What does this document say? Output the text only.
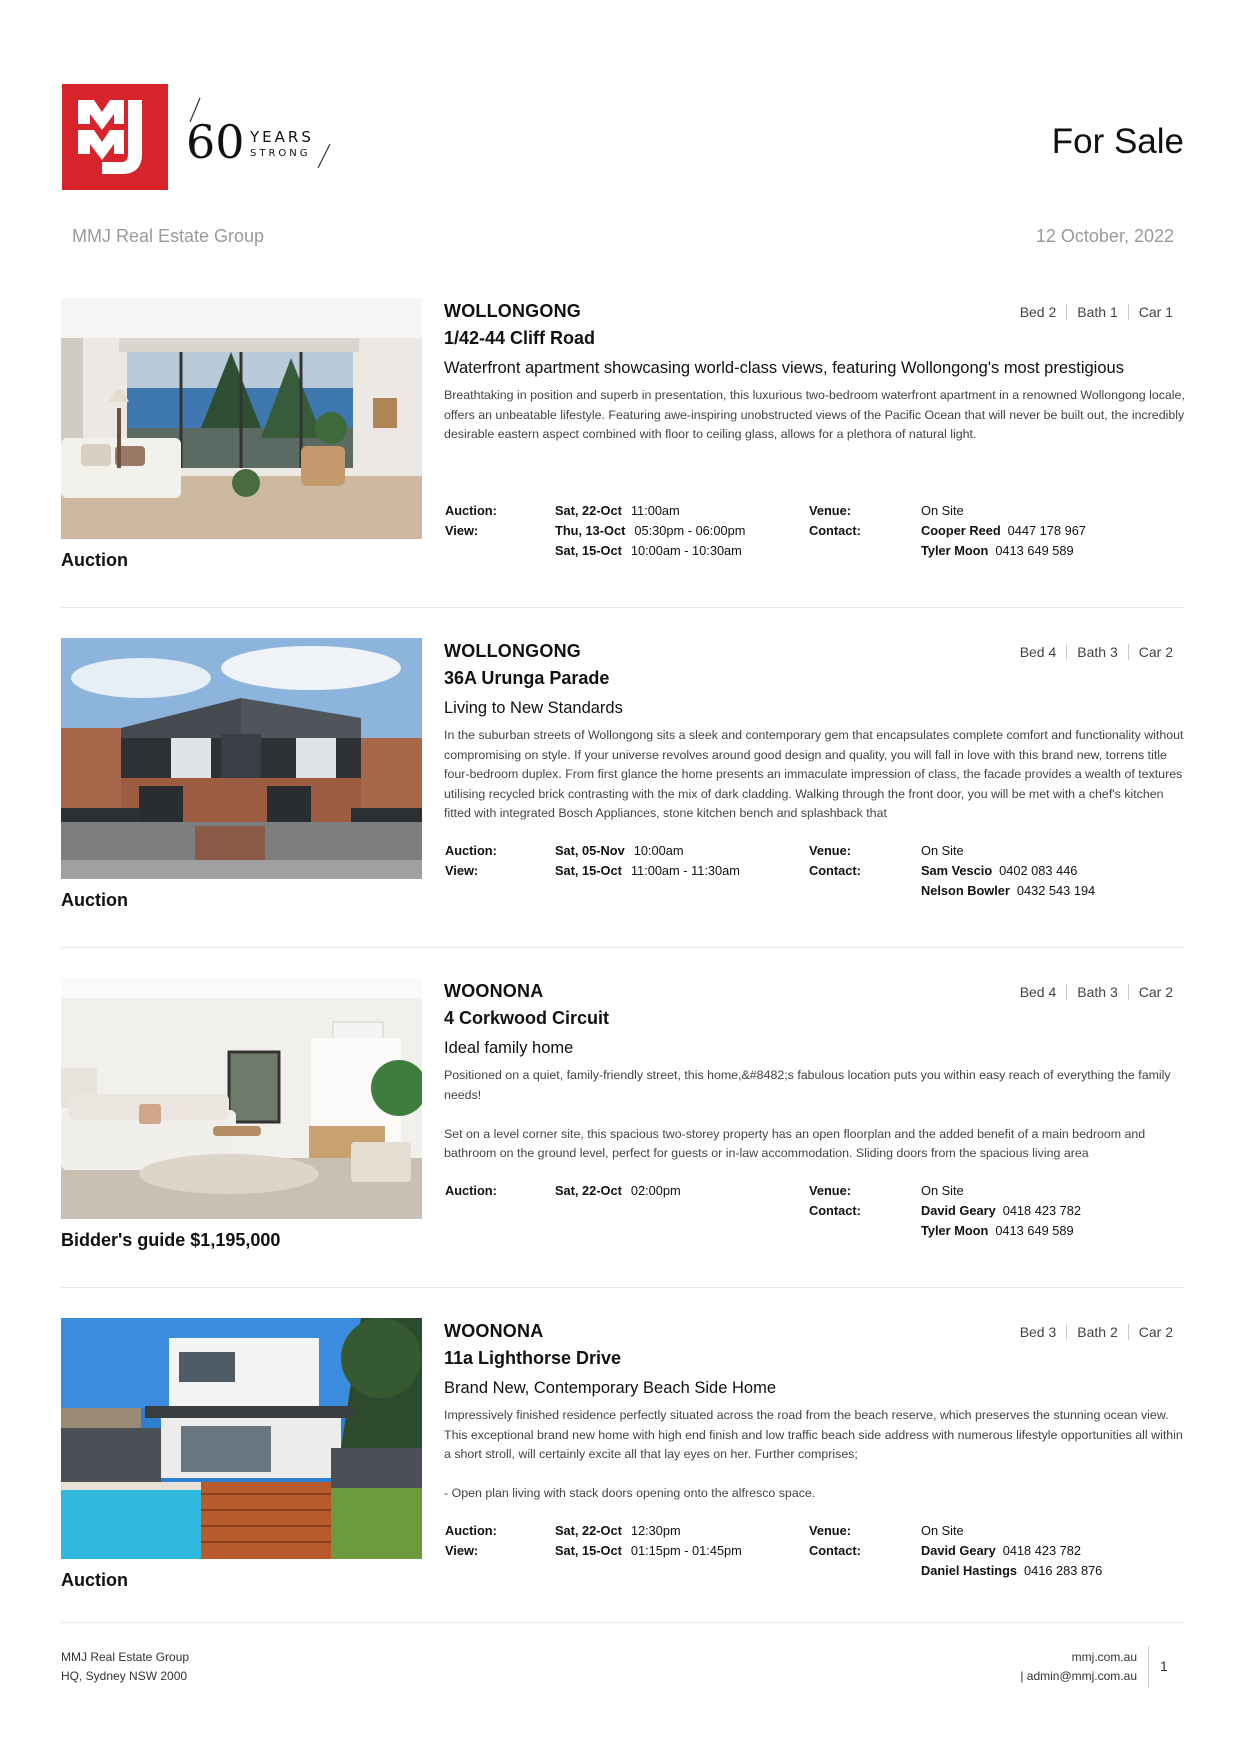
60 YEARS
STRONG	For Sale
MMJ Real Estate Group	12 October, 2022
Auction
Bed 2	Bath 1	Car 1
WOLLONGONG
1/42-44 Cliff Road
Waterfront apartment showcasing world-class views, featuring Wollongong's most prestigious
Breathtaking in position and superb in presentation, this luxurious two-bedroom waterfront apartment in a renowned Wollongong locale, offers an unbeatable lifestyle. Featuring awe-inspiring unobstructed views of the Pacific Ocean that will never be built out, the incredibly desirable eastern aspect combined with floor to ceiling glass, allows for a plethora of natural light.
Auction:	Sat, 22-Oct 11:00am	Venue:	On Site
View:	Thu, 13-Oct 05:30pm - 06:00pm	Contact:	Cooper Reed 0447 178 967
Sat, 15-Oct 10:00am - 10:30am	Tyler Moon 0413 649 589
Auction
Bed 4	Bath 3	Car 2
WOLLONGONG
36A Urunga Parade
Living to New Standards
In the suburban streets of Wollongong sits a sleek and contemporary gem that encapsulates complete comfort and functionality without compromising on style. If your universe revolves around good design and quality, you will fall in love with this brand new, torrens title four-bedroom duplex. From first glance the home presents an immaculate impression of class, the facade provides a wealth of textures utilising recycled brick contrasting with the mix of dark cladding. Walking through the front door, you will be met with a chef's kitchen fitted with integrated Bosch Appliances, stone kitchen bench and splashback that
Auction:	Sat, 05-Nov 10:00am	Venue:	On Site
View:	Sat, 15-Oct 11:00am - 11:30am	Contact:	Sam Vescio 0402 083 446
Nelson Bowler 0432 543 194
Bidder's guide $1,195,000
Bed 4	Bath 3	Car 2
WOONONA
4 Corkwood Circuit
Ideal family home
Positioned on a quiet, family-friendly street, this home,&#8482;s fabulous location puts you within easy reach of everything the family needs!

Set on a level corner site, this spacious two-storey property has an open floorplan and the added benefit of a main bedroom and bathroom on the ground level, perfect for guests or in-law accommodation. Sliding doors from the spacious living area
Auction:	Sat, 22-Oct 02:00pm	Venue:	On Site
Contact:	David Geary 0418 423 782
Tyler Moon 0413 649 589
Auction
Bed 3	Bath 2	Car 2
WOONONA
11a Lighthorse Drive
Brand New, Contemporary Beach Side Home
Impressively finished residence perfectly situated across the road from the beach reserve, which preserves the stunning ocean view. This exceptional brand new home with high end finish and low traffic beach side address with numerous lifestyle opportunities all within a short stroll, will certainly excite all that lay eyes on her. Further comprises;

- Open plan living with stack doors opening onto the alfresco space.
Auction:	Sat, 22-Oct 12:30pm	Venue:	On Site
View:	Sat, 15-Oct 01:15pm - 01:45pm	Contact:	David Geary 0418 423 782
Daniel Hastings 0416 283 876
MMJ Real Estate Group
HQ, Sydney NSW 2000
mmj.com.au
| admin@mmj.com.au
1
